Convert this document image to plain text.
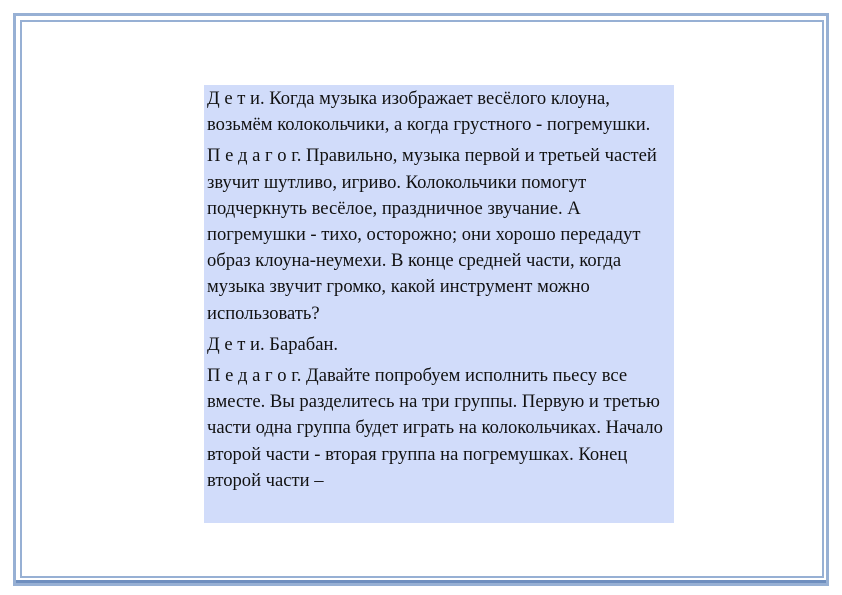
Д е т и. Когда музыка изображает весёлого клоуна, возьмём колокольчики, а когда грустного - погремушки.

П е д а г о г. Правильно, музыка первой и третьей частей звучит шутливо, игриво. Колокольчики помогут подчеркнуть весёлое, праздничное звучание. А погремушки - тихо, осторожно; они хорошо передадут образ клоуна-неумехи. В конце средней части, когда музыка звучит громко, какой инструмент можно использовать?

Д е т и. Барабан.

П е д а г о г. Давайте попробуем исполнить пьесу все вместе. Вы разделитесь на три группы. Первую и третью части одна группа будет играть на колокольчиках. Начало второй части - вторая группа на погремушках. Конец второй части –
